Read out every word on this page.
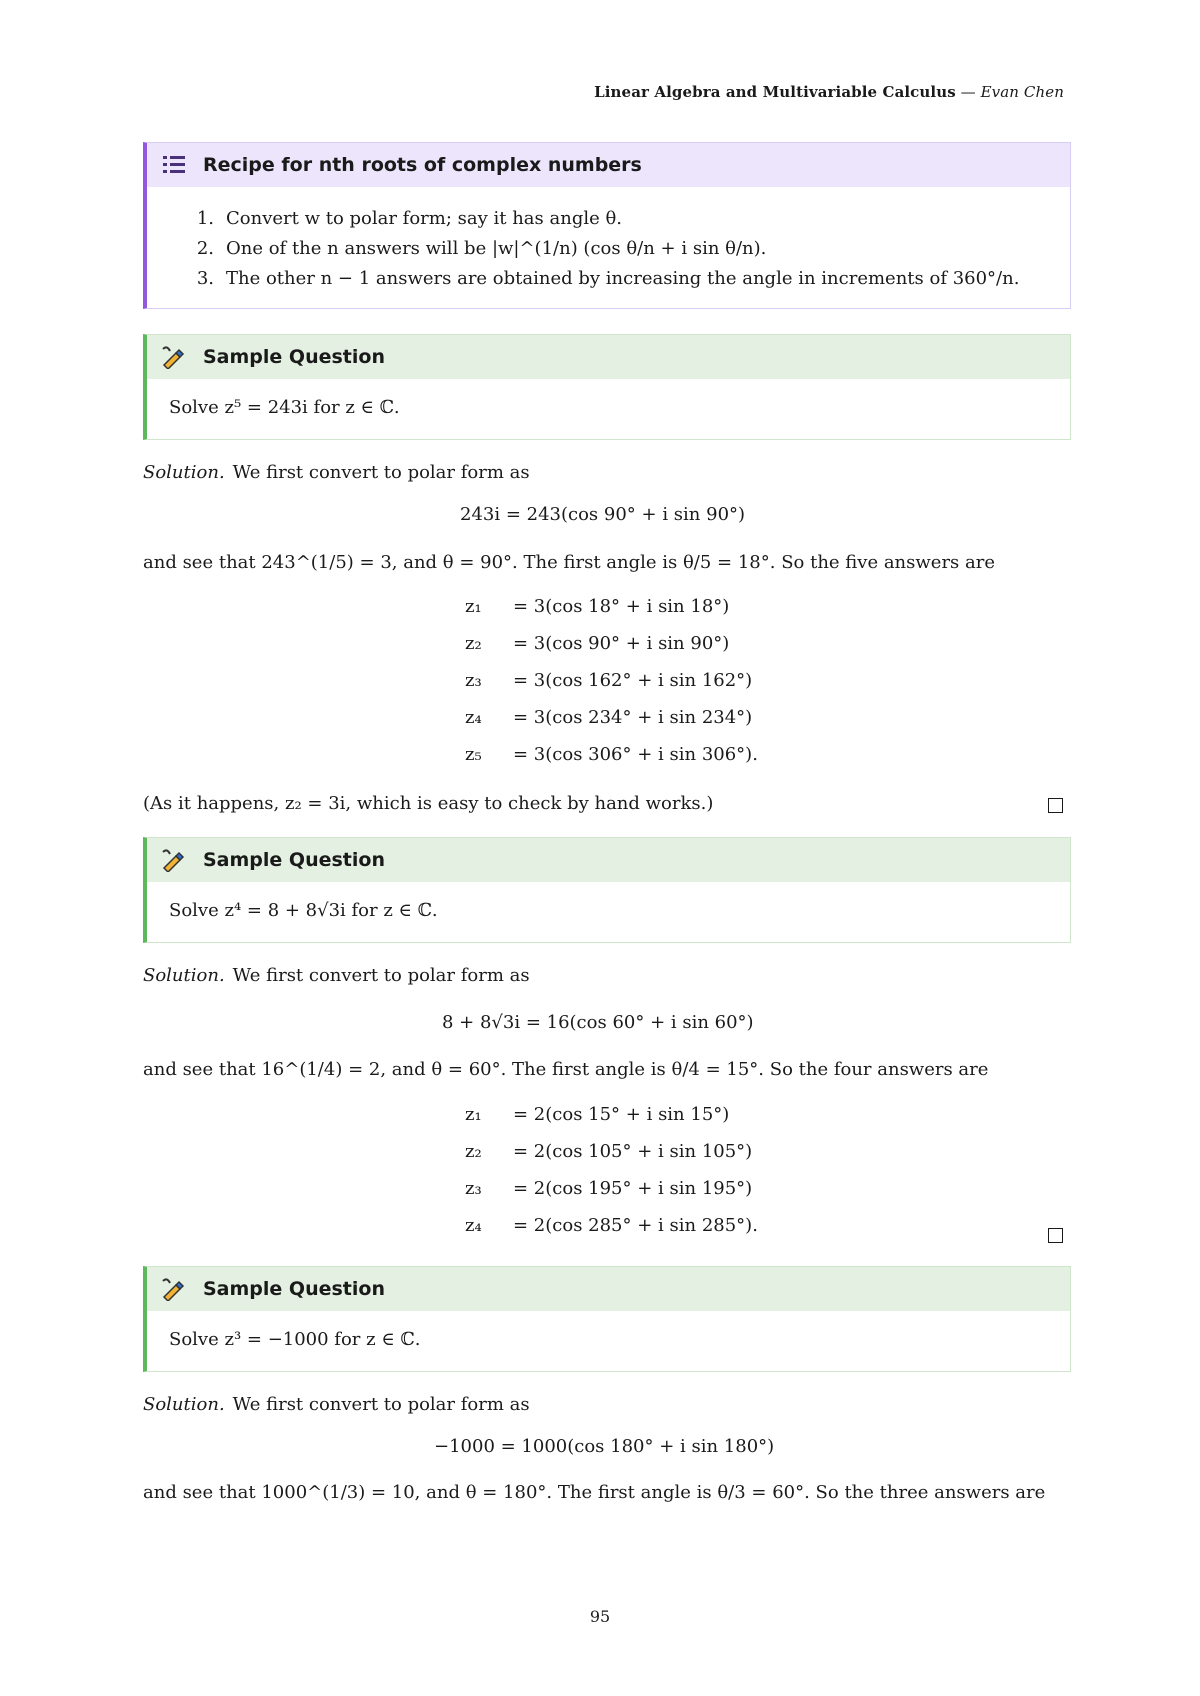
Linear Algebra and Multivariable Calculus — Evan Chen
Recipe for nth roots of complex numbers
1. Convert w to polar form; say it has angle θ.
2. One of the n answers will be |w|^(1/n) (cos θ/n + i sin θ/n).
3. The other n − 1 answers are obtained by increasing the angle in increments of 360°/n.
Sample Question
Solve z⁵ = 243i for z ∈ ℂ.
Solution. We first convert to polar form as
243i = 243(cos 90° + i sin 90°)
and see that 243^(1/5) = 3, and θ = 90°. The first angle is θ/5 = 18°. So the five answers are
z₁ = 3(cos 18° + i sin 18°)
z₂ = 3(cos 90° + i sin 90°)
z₃ = 3(cos 162° + i sin 162°)
z₄ = 3(cos 234° + i sin 234°)
z₅ = 3(cos 306° + i sin 306°).
(As it happens, z₂ = 3i, which is easy to check by hand works.)
Sample Question
Solve z⁴ = 8 + 8√3i for z ∈ ℂ.
Solution. We first convert to polar form as
8 + 8√3i = 16(cos 60° + i sin 60°)
and see that 16^(1/4) = 2, and θ = 60°. The first angle is θ/4 = 15°. So the four answers are
z₁ = 2(cos 15° + i sin 15°)
z₂ = 2(cos 105° + i sin 105°)
z₃ = 2(cos 195° + i sin 195°)
z₄ = 2(cos 285° + i sin 285°).
Sample Question
Solve z³ = −1000 for z ∈ ℂ.
Solution. We first convert to polar form as
−1000 = 1000(cos 180° + i sin 180°)
and see that 1000^(1/3) = 10, and θ = 180°. The first angle is θ/3 = 60°. So the three answers are
95
